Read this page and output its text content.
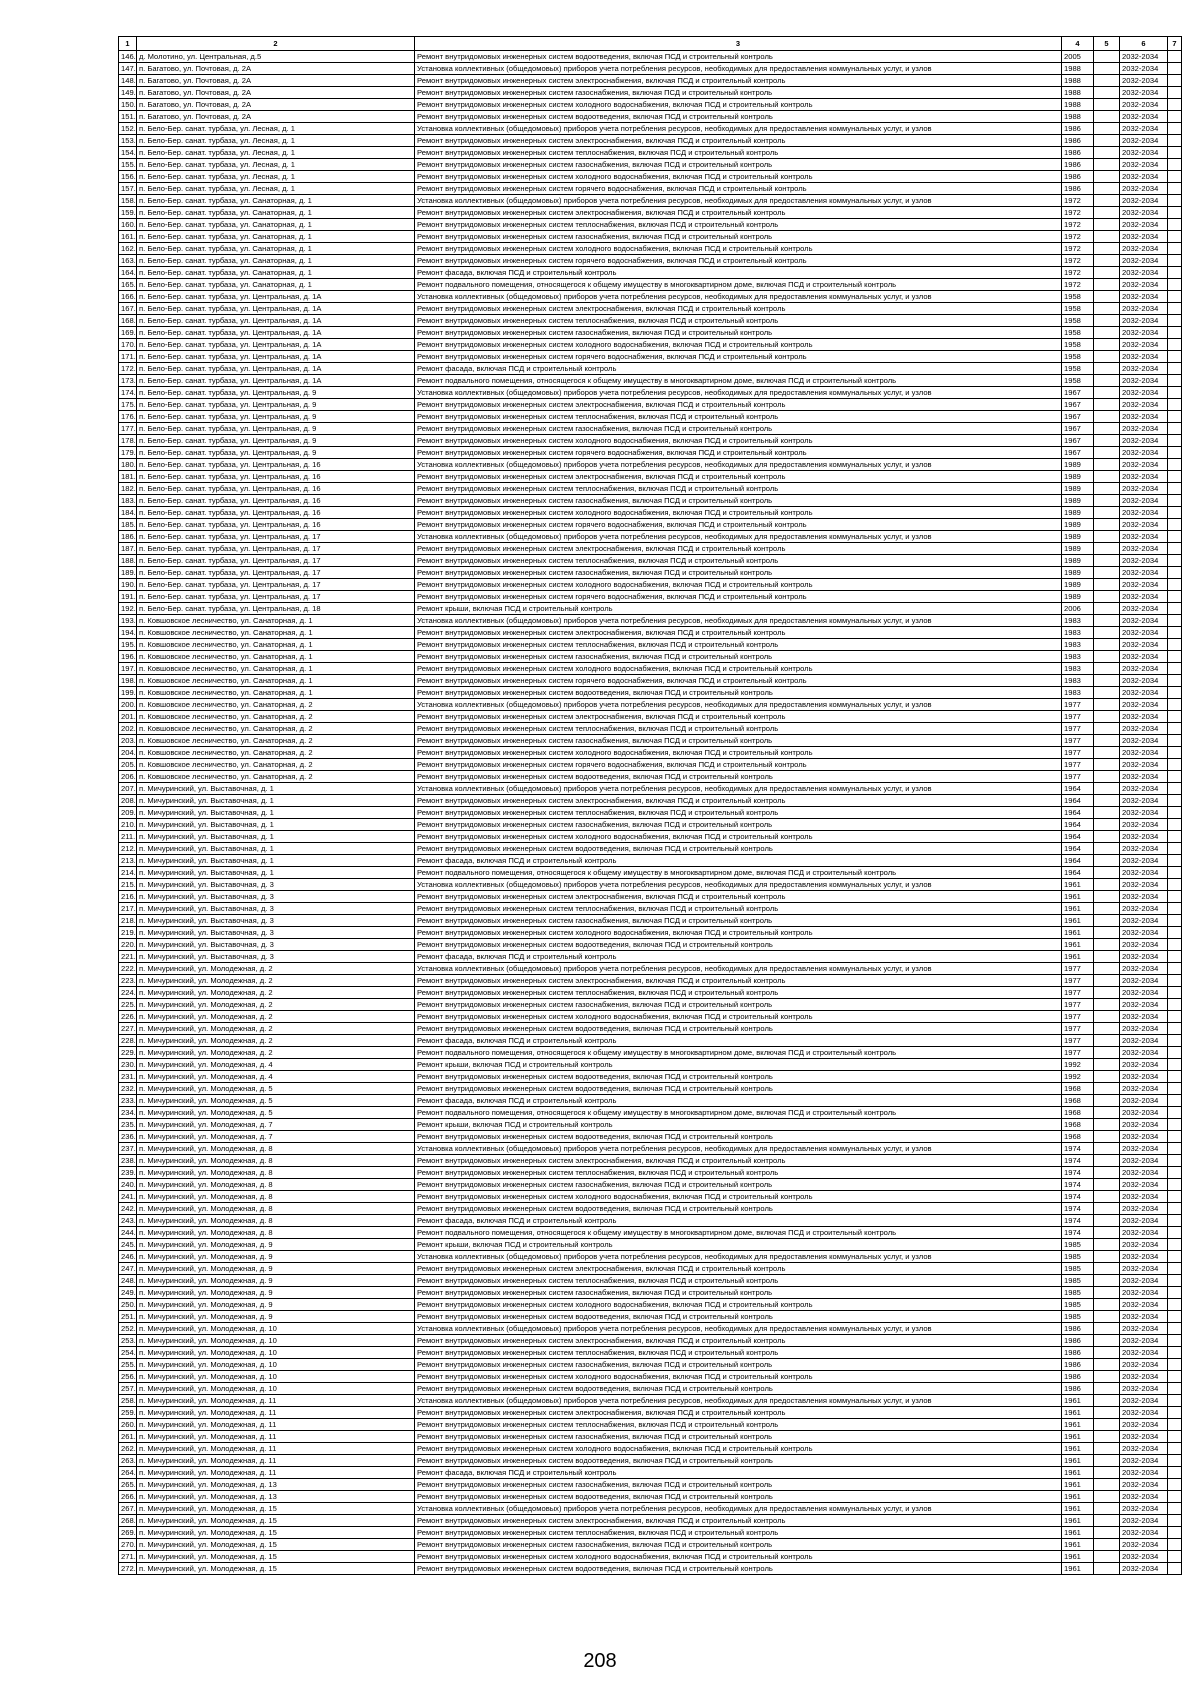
1	2	3	4	5	6	7
146.	д. Молотино, ул. Центральная, д.5	Ремонт внутридомовых инженерных систем водоотведения, включая ПСД и строительный контроль	2005		2032-2034	
147.	п. Багатово, ул. Почтовая, д. 2А	Установка коллективных (общедомовых) приборов учета потребления ресурсов, необходимых для предоставления коммунальных услуг, и узлов	1988		2032-2034	
148.	п. Багатово, ул. Почтовая, д. 2А	Ремонт внутридомовых инженерных систем электроснабжения, включая ПСД и строительный контроль	1988		2032-2034	
149.	п. Багатово, ул. Почтовая, д. 2А	Ремонт внутридомовых инженерных систем газоснабжения, включая ПСД и строительный контроль	1988		2032-2034	
150.	п. Багатово, ул. Почтовая, д. 2А	Ремонт внутридомовых инженерных систем холодного водоснабжения, включая ПСД и строительный контроль	1988		2032-2034	
151.	п. Багатово, ул. Почтовая, д. 2А	Ремонт внутридомовых инженерных систем водоотведения, включая ПСД и строительный контроль	1988		2032-2034	
152.	п. Бело-Бер. санат. турбаза, ул. Лесная, д. 1	Установка коллективных (общедомовых) приборов учета потребления ресурсов, необходимых для предоставления коммунальных услуг, и узлов	1986		2032-2034	
153.	п. Бело-Бер. санат. турбаза, ул. Лесная, д. 1	Ремонт внутридомовых инженерных систем электроснабжения, включая ПСД и строительный контроль	1986		2032-2034	
154.	п. Бело-Бер. санат. турбаза, ул. Лесная, д. 1	Ремонт внутридомовых инженерных систем теплоснабжения, включая ПСД и строительный контроль	1986		2032-2034	
155.	п. Бело-Бер. санат. турбаза, ул. Лесная, д. 1	Ремонт внутридомовых инженерных систем газоснабжения, включая ПСД и строительный контроль	1986		2032-2034	
156.	п. Бело-Бер. санат. турбаза, ул. Лесная, д. 1	Ремонт внутридомовых инженерных систем холодного водоснабжения, включая ПСД и строительный контроль	1986		2032-2034	
157.	п. Бело-Бер. санат. турбаза, ул. Лесная, д. 1	Ремонт внутридомовых инженерных систем горячего водоснабжения, включая ПСД и строительный контроль	1986		2032-2034	
158.	п. Бело-Бер. санат. турбаза, ул. Санаторная, д. 1	Установка коллективных (общедомовых) приборов учета потребления ресурсов, необходимых для предоставления коммунальных услуг, и узлов	1972		2032-2034	
159.	п. Бело-Бер. санат. турбаза, ул. Санаторная, д. 1	Ремонт внутридомовых инженерных систем электроснабжения, включая ПСД и строительный контроль	1972		2032-2034	
160.	п. Бело-Бер. санат. турбаза, ул. Санаторная, д. 1	Ремонт внутридомовых инженерных систем теплоснабжения, включая ПСД и строительный контроль	1972		2032-2034	
161.	п. Бело-Бер. санат. турбаза, ул. Санаторная, д. 1	Ремонт внутридомовых инженерных систем газоснабжения, включая ПСД и строительный контроль	1972		2032-2034	
162.	п. Бело-Бер. санат. турбаза, ул. Санаторная, д. 1	Ремонт внутридомовых инженерных систем холодного водоснабжения, включая ПСД и строительный контроль	1972		2032-2034	
163.	п. Бело-Бер. санат. турбаза, ул. Санаторная, д. 1	Ремонт внутридомовых инженерных систем горячего водоснабжения, включая ПСД и строительный контроль	1972		2032-2034	
164.	п. Бело-Бер. санат. турбаза, ул. Санаторная, д. 1	Ремонт фасада, включая ПСД и строительный контроль	1972		2032-2034	
165.	п. Бело-Бер. санат. турбаза, ул. Санаторная, д. 1	Ремонт подвального помещения, относящегося к общему имуществу в многоквартирном доме, включая ПСД и строительный контроль	1972		2032-2034	
166.	п. Бело-Бер. санат. турбаза, ул. Центральная, д. 1А	Установка коллективных (общедомовых) приборов учета потребления ресурсов, необходимых для предоставления коммунальных услуг, и узлов	1958		2032-2034	
167.	п. Бело-Бер. санат. турбаза, ул. Центральная, д. 1А	Ремонт внутридомовых инженерных систем электроснабжения, включая ПСД и строительный контроль	1958		2032-2034	
168.	п. Бело-Бер. санат. турбаза, ул. Центральная, д. 1А	Ремонт внутридомовых инженерных систем теплоснабжения, включая ПСД и строительный контроль	1958		2032-2034	
169.	п. Бело-Бер. санат. турбаза, ул. Центральная, д. 1А	Ремонт внутридомовых инженерных систем газоснабжения, включая ПСД и строительный контроль	1958		2032-2034	
170.	п. Бело-Бер. санат. турбаза, ул. Центральная, д. 1А	Ремонт внутридомовых инженерных систем холодного водоснабжения, включая ПСД и строительный контроль	1958		2032-2034	
171.	п. Бело-Бер. санат. турбаза, ул. Центральная, д. 1А	Ремонт внутридомовых инженерных систем горячего водоснабжения, включая ПСД и строительный контроль	1958		2032-2034	
172.	п. Бело-Бер. санат. турбаза, ул. Центральная, д. 1А	Ремонт фасада, включая ПСД и строительный контроль	1958		2032-2034	
173.	п. Бело-Бер. санат. турбаза, ул. Центральная, д. 1А	Ремонт подвального помещения, относящегося к общему имуществу в многоквартирном доме, включая ПСД и строительный контроль	1958		2032-2034	
174.	п. Бело-Бер. санат. турбаза, ул. Центральная, д. 9	Установка коллективных (общедомовых) приборов учета потребления ресурсов, необходимых для предоставления коммунальных услуг, и узлов	1967		2032-2034	
175.	п. Бело-Бер. санат. турбаза, ул. Центральная, д. 9	Ремонт внутридомовых инженерных систем электроснабжения, включая ПСД и строительный контроль	1967		2032-2034	
176.	п. Бело-Бер. санат. турбаза, ул. Центральная, д. 9	Ремонт внутридомовых инженерных систем теплоснабжения, включая ПСД и строительный контроль	1967		2032-2034	
177.	п. Бело-Бер. санат. турбаза, ул. Центральная, д. 9	Ремонт внутридомовых инженерных систем газоснабжения, включая ПСД и строительный контроль	1967		2032-2034	
178.	п. Бело-Бер. санат. турбаза, ул. Центральная, д. 9	Ремонт внутридомовых инженерных систем холодного водоснабжения, включая ПСД и строительный контроль	1967		2032-2034	
179.	п. Бело-Бер. санат. турбаза, ул. Центральная, д. 9	Ремонт внутридомовых инженерных систем горячего водоснабжения, включая ПСД и строительный контроль	1967		2032-2034	
180.	п. Бело-Бер. санат. турбаза, ул. Центральная, д. 16	Установка коллективных (общедомовых) приборов учета потребления ресурсов, необходимых для предоставления коммунальных услуг, и узлов	1989		2032-2034	
181.	п. Бело-Бер. санат. турбаза, ул. Центральная, д. 16	Ремонт внутридомовых инженерных систем электроснабжения, включая ПСД и строительный контроль	1989		2032-2034	
182.	п. Бело-Бер. санат. турбаза, ул. Центральная, д. 16	Ремонт внутридомовых инженерных систем теплоснабжения, включая ПСД и строительный контроль	1989		2032-2034	
183.	п. Бело-Бер. санат. турбаза, ул. Центральная, д. 16	Ремонт внутридомовых инженерных систем газоснабжения, включая ПСД и строительный контроль	1989		2032-2034	
184.	п. Бело-Бер. санат. турбаза, ул. Центральная, д. 16	Ремонт внутридомовых инженерных систем холодного водоснабжения, включая ПСД и строительный контроль	1989		2032-2034	
185.	п. Бело-Бер. санат. турбаза, ул. Центральная, д. 16	Ремонт внутридомовых инженерных систем горячего водоснабжения, включая ПСД и строительный контроль	1989		2032-2034	
186.	п. Бело-Бер. санат. турбаза, ул. Центральная, д. 17	Установка коллективных (общедомовых) приборов учета потребления ресурсов, необходимых для предоставления коммунальных услуг, и узлов	1989		2032-2034	
187.	п. Бело-Бер. санат. турбаза, ул. Центральная, д. 17	Ремонт внутридомовых инженерных систем электроснабжения, включая ПСД и строительный контроль	1989		2032-2034	
188.	п. Бело-Бер. санат. турбаза, ул. Центральная, д. 17	Ремонт внутридомовых инженерных систем теплоснабжения, включая ПСД и строительный контроль	1989		2032-2034	
189.	п. Бело-Бер. санат. турбаза, ул. Центральная, д. 17	Ремонт внутридомовых инженерных систем газоснабжения, включая ПСД и строительный контроль	1989		2032-2034	
190.	п. Бело-Бер. санат. турбаза, ул. Центральная, д. 17	Ремонт внутридомовых инженерных систем холодного водоснабжения, включая ПСД и строительный контроль	1989		2032-2034	
191.	п. Бело-Бер. санат. турбаза, ул. Центральная, д. 17	Ремонт внутридомовых инженерных систем горячего водоснабжения, включая ПСД и строительный контроль	1989		2032-2034	
192.	п. Бело-Бер. санат. турбаза, ул. Центральная, д. 18	Ремонт крыши, включая ПСД и строительный контроль	2006		2032-2034	
193.	п. Ковшовское лесничество, ул. Санаторная, д. 1	Установка коллективных (общедомовых) приборов учета потребления ресурсов, необходимых для предоставления коммунальных услуг, и узлов	1983		2032-2034	
194.	п. Ковшовское лесничество, ул. Санаторная, д. 1	Ремонт внутридомовых инженерных систем электроснабжения, включая ПСД и строительный контроль	1983		2032-2034	
195.	п. Ковшовское лесничество, ул. Санаторная, д. 1	Ремонт внутридомовых инженерных систем теплоснабжения, включая ПСД и строительный контроль	1983		2032-2034	
196.	п. Ковшовское лесничество, ул. Санаторная, д. 1	Ремонт внутридомовых инженерных систем газоснабжения, включая ПСД и строительный контроль	1983		2032-2034	
197.	п. Ковшовское лесничество, ул. Санаторная, д. 1	Ремонт внутридомовых инженерных систем холодного водоснабжения, включая ПСД и строительный контроль	1983		2032-2034	
198.	п. Ковшовское лесничество, ул. Санаторная, д. 1	Ремонт внутридомовых инженерных систем горячего водоснабжения, включая ПСД и строительный контроль	1983		2032-2034	
199.	п. Ковшовское лесничество, ул. Санаторная, д. 1	Ремонт внутридомовых инженерных систем водоотведения, включая ПСД и строительный контроль	1983		2032-2034	
200.	п. Ковшовское лесничество, ул. Санаторная, д. 2	Установка коллективных (общедомовых) приборов учета потребления ресурсов, необходимых для предоставления коммунальных услуг, и узлов	1977		2032-2034	
201.	п. Ковшовское лесничество, ул. Санаторная, д. 2	Ремонт внутридомовых инженерных систем электроснабжения, включая ПСД и строительный контроль	1977		2032-2034	
202.	п. Ковшовское лесничество, ул. Санаторная, д. 2	Ремонт внутридомовых инженерных систем теплоснабжения, включая ПСД и строительный контроль	1977		2032-2034	
203.	п. Ковшовское лесничество, ул. Санаторная, д. 2	Ремонт внутридомовых инженерных систем газоснабжения, включая ПСД и строительный контроль	1977		2032-2034	
204.	п. Ковшовское лесничество, ул. Санаторная, д. 2	Ремонт внутридомовых инженерных систем холодного водоснабжения, включая ПСД и строительный контроль	1977		2032-2034	
205.	п. Ковшовское лесничество, ул. Санаторная, д. 2	Ремонт внутридомовых инженерных систем горячего водоснабжения, включая ПСД и строительный контроль	1977		2032-2034	
206.	п. Ковшовское лесничество, ул. Санаторная, д. 2	Ремонт внутридомовых инженерных систем водоотведения, включая ПСД и строительный контроль	1977		2032-2034	
207.	п. Мичуринский, ул. Выставочная, д. 1	Установка коллективных (общедомовых) приборов учета потребления ресурсов, необходимых для предоставления коммунальных услуг, и узлов	1964		2032-2034	
208.	п. Мичуринский, ул. Выставочная, д. 1	Ремонт внутридомовых инженерных систем электроснабжения, включая ПСД и строительный контроль	1964		2032-2034	
209.	п. Мичуринский, ул. Выставочная, д. 1	Ремонт внутридомовых инженерных систем теплоснабжения, включая ПСД и строительный контроль	1964		2032-2034	
210.	п. Мичуринский, ул. Выставочная, д. 1	Ремонт внутридомовых инженерных систем газоснабжения, включая ПСД и строительный контроль	1964		2032-2034	
211.	п. Мичуринский, ул. Выставочная, д. 1	Ремонт внутридомовых инженерных систем холодного водоснабжения, включая ПСД и строительный контроль	1964		2032-2034	
212.	п. Мичуринский, ул. Выставочная, д. 1	Ремонт внутридомовых инженерных систем водоотведения, включая ПСД и строительный контроль	1964		2032-2034	
213.	п. Мичуринский, ул. Выставочная, д. 1	Ремонт фасада, включая ПСД и строительный контроль	1964		2032-2034	
214.	п. Мичуринский, ул. Выставочная, д. 1	Ремонт подвального помещения, относящегося к общему имуществу в многоквартирном доме, включая ПСД и строительный контроль	1964		2032-2034	
215.	п. Мичуринский, ул. Выставочная, д. 3	Установка коллективных (общедомовых) приборов учета потребления ресурсов, необходимых для предоставления коммунальных услуг, и узлов	1961		2032-2034	
216.	п. Мичуринский, ул. Выставочная, д. 3	Ремонт внутридомовых инженерных систем электроснабжения, включая ПСД и строительный контроль	1961		2032-2034	
217.	п. Мичуринский, ул. Выставочная, д. 3	Ремонт внутридомовых инженерных систем теплоснабжения, включая ПСД и строительный контроль	1961		2032-2034	
218.	п. Мичуринский, ул. Выставочная, д. 3	Ремонт внутридомовых инженерных систем газоснабжения, включая ПСД и строительный контроль	1961		2032-2034	
219.	п. Мичуринский, ул. Выставочная, д. 3	Ремонт внутридомовых инженерных систем холодного водоснабжения, включая ПСД и строительный контроль	1961		2032-2034	
220.	п. Мичуринский, ул. Выставочная, д. 3	Ремонт внутридомовых инженерных систем водоотведения, включая ПСД и строительный контроль	1961		2032-2034	
221.	п. Мичуринский, ул. Выставочная, д. 3	Ремонт фасада, включая ПСД и строительный контроль	1961		2032-2034	
222.	п. Мичуринский, ул. Молодежная, д. 2	Установка коллективных (общедомовых) приборов учета потребления ресурсов, необходимых для предоставления коммунальных услуг, и узлов	1977		2032-2034	
223.	п. Мичуринский, ул. Молодежная, д. 2	Ремонт внутридомовых инженерных систем электроснабжения, включая ПСД и строительный контроль	1977		2032-2034	
224.	п. Мичуринский, ул. Молодежная, д. 2	Ремонт внутридомовых инженерных систем теплоснабжения, включая ПСД и строительный контроль	1977		2032-2034	
225.	п. Мичуринский, ул. Молодежная, д. 2	Ремонт внутридомовых инженерных систем газоснабжения, включая ПСД и строительный контроль	1977		2032-2034	
226.	п. Мичуринский, ул. Молодежная, д. 2	Ремонт внутридомовых инженерных систем холодного водоснабжения, включая ПСД и строительный контроль	1977		2032-2034	
227.	п. Мичуринский, ул. Молодежная, д. 2	Ремонт внутридомовых инженерных систем водоотведения, включая ПСД и строительный контроль	1977		2032-2034	
228.	п. Мичуринский, ул. Молодежная, д. 2	Ремонт фасада, включая ПСД и строительный контроль	1977		2032-2034	
229.	п. Мичуринский, ул. Молодежная, д. 2	Ремонт подвального помещения, относящегося к общему имуществу в многоквартирном доме, включая ПСД и строительный контроль	1977		2032-2034	
230.	п. Мичуринский, ул. Молодежная, д. 4	Ремонт крыши, включая ПСД и строительный контроль	1992		2032-2034	
231.	п. Мичуринский, ул. Молодежная, д. 4	Ремонт внутридомовых инженерных систем водоотведения, включая ПСД и строительный контроль	1992		2032-2034	
232.	п. Мичуринский, ул. Молодежная, д. 5	Ремонт внутридомовых инженерных систем водоотведения, включая ПСД и строительный контроль	1968		2032-2034	
233.	п. Мичуринский, ул. Молодежная, д. 5	Ремонт фасада, включая ПСД и строительный контроль	1968		2032-2034	
234.	п. Мичуринский, ул. Молодежная, д. 5	Ремонт подвального помещения, относящегося к общему имуществу в многоквартирном доме, включая ПСД и строительный контроль	1968		2032-2034	
235.	п. Мичуринский, ул. Молодежная, д. 7	Ремонт крыши, включая ПСД и строительный контроль	1968		2032-2034	
236.	п. Мичуринский, ул. Молодежная, д. 7	Ремонт внутридомовых инженерных систем водоотведения, включая ПСД и строительный контроль	1968		2032-2034	
237.	п. Мичуринский, ул. Молодежная, д. 8	Установка коллективных (общедомовых) приборов учета потребления ресурсов, необходимых для предоставления коммунальных услуг, и узлов	1974		2032-2034	
238.	п. Мичуринский, ул. Молодежная, д. 8	Ремонт внутридомовых инженерных систем электроснабжения, включая ПСД и строительный контроль	1974		2032-2034	
239.	п. Мичуринский, ул. Молодежная, д. 8	Ремонт внутридомовых инженерных систем теплоснабжения, включая ПСД и строительный контроль	1974		2032-2034	
240.	п. Мичуринский, ул. Молодежная, д. 8	Ремонт внутридомовых инженерных систем газоснабжения, включая ПСД и строительный контроль	1974		2032-2034	
241.	п. Мичуринский, ул. Молодежная, д. 8	Ремонт внутридомовых инженерных систем холодного водоснабжения, включая ПСД и строительный контроль	1974		2032-2034	
242.	п. Мичуринский, ул. Молодежная, д. 8	Ремонт внутридомовых инженерных систем водоотведения, включая ПСД и строительный контроль	1974		2032-2034	
243.	п. Мичуринский, ул. Молодежная, д. 8	Ремонт фасада, включая ПСД и строительный контроль	1974		2032-2034	
244.	п. Мичуринский, ул. Молодежная, д. 8	Ремонт подвального помещения, относящегося к общему имуществу в многоквартирном доме, включая ПСД и строительный контроль	1974		2032-2034	
245.	п. Мичуринский, ул. Молодежная, д. 9	Ремонт крыши, включая ПСД и строительный контроль	1985		2032-2034	
246.	п. Мичуринский, ул. Молодежная, д. 9	Установка коллективных (общедомовых) приборов учета потребления ресурсов, необходимых для предоставления коммунальных услуг, и узлов	1985		2032-2034	
247.	п. Мичуринский, ул. Молодежная, д. 9	Ремонт внутридомовых инженерных систем электроснабжения, включая ПСД и строительный контроль	1985		2032-2034	
248.	п. Мичуринский, ул. Молодежная, д. 9	Ремонт внутридомовых инженерных систем теплоснабжения, включая ПСД и строительный контроль	1985		2032-2034	
249.	п. Мичуринский, ул. Молодежная, д. 9	Ремонт внутридомовых инженерных систем газоснабжения, включая ПСД и строительный контроль	1985		2032-2034	
250.	п. Мичуринский, ул. Молодежная, д. 9	Ремонт внутридомовых инженерных систем холодного водоснабжения, включая ПСД и строительный контроль	1985		2032-2034	
251.	п. Мичуринский, ул. Молодежная, д. 9	Ремонт внутридомовых инженерных систем водоотведения, включая ПСД и строительный контроль	1985		2032-2034	
252.	п. Мичуринский, ул. Молодежная, д. 10	Установка коллективных (общедомовых) приборов учета потребления ресурсов, необходимых для предоставления коммунальных услуг, и узлов	1986		2032-2034	
253.	п. Мичуринский, ул. Молодежная, д. 10	Ремонт внутридомовых инженерных систем электроснабжения, включая ПСД и строительный контроль	1986		2032-2034	
254.	п. Мичуринский, ул. Молодежная, д. 10	Ремонт внутридомовых инженерных систем теплоснабжения, включая ПСД и строительный контроль	1986		2032-2034	
255.	п. Мичуринский, ул. Молодежная, д. 10	Ремонт внутридомовых инженерных систем газоснабжения, включая ПСД и строительный контроль	1986		2032-2034	
256.	п. Мичуринский, ул. Молодежная, д. 10	Ремонт внутридомовых инженерных систем холодного водоснабжения, включая ПСД и строительный контроль	1986		2032-2034	
257.	п. Мичуринский, ул. Молодежная, д. 10	Ремонт внутридомовых инженерных систем водоотведения, включая ПСД и строительный контроль	1986		2032-2034	
258.	п. Мичуринский, ул. Молодежная, д. 11	Установка коллективных (общедомовых) приборов учета потребления ресурсов, необходимых для предоставления коммунальных услуг, и узлов	1961		2032-2034	
259.	п. Мичуринский, ул. Молодежная, д. 11	Ремонт внутридомовых инженерных систем электроснабжения, включая ПСД и строительный контроль	1961		2032-2034	
260.	п. Мичуринский, ул. Молодежная, д. 11	Ремонт внутридомовых инженерных систем теплоснабжения, включая ПСД и строительный контроль	1961		2032-2034	
261.	п. Мичуринский, ул. Молодежная, д. 11	Ремонт внутридомовых инженерных систем газоснабжения, включая ПСД и строительный контроль	1961		2032-2034	
262.	п. Мичуринский, ул. Молодежная, д. 11	Ремонт внутридомовых инженерных систем холодного водоснабжения, включая ПСД и строительный контроль	1961		2032-2034	
263.	п. Мичуринский, ул. Молодежная, д. 11	Ремонт внутридомовых инженерных систем водоотведения, включая ПСД и строительный контроль	1961		2032-2034	
264.	п. Мичуринский, ул. Молодежная, д. 11	Ремонт фасада, включая ПСД и строительный контроль	1961		2032-2034	
265.	п. Мичуринский, ул. Молодежная, д. 13	Ремонт внутридомовых инженерных систем газоснабжения, включая ПСД и строительный контроль	1961		2032-2034	
266.	п. Мичуринский, ул. Молодежная, д. 13	Ремонт внутридомовых инженерных систем водоотведения, включая ПСД и строительный контроль	1961		2032-2034	
267.	п. Мичуринский, ул. Молодежная, д. 15	Установка коллективных (общедомовых) приборов учета потребления ресурсов, необходимых для предоставления коммунальных услуг, и узлов	1961		2032-2034	
268.	п. Мичуринский, ул. Молодежная, д. 15	Ремонт внутридомовых инженерных систем электроснабжения, включая ПСД и строительный контроль	1961		2032-2034	
269.	п. Мичуринский, ул. Молодежная, д. 15	Ремонт внутридомовых инженерных систем теплоснабжения, включая ПСД и строительный контроль	1961		2032-2034	
270.	п. Мичуринский, ул. Молодежная, д. 15	Ремонт внутридомовых инженерных систем газоснабжения, включая ПСД и строительный контроль	1961		2032-2034	
271.	п. Мичуринский, ул. Молодежная, д. 15	Ремонт внутридомовых инженерных систем холодного водоснабжения, включая ПСД и строительный контроль	1961		2032-2034	
272.	п. Мичуринский, ул. Молодежная, д. 15	Ремонт внутридомовых инженерных систем водоотведения, включая ПСД и строительный контроль	1961		2032-2034	
208
